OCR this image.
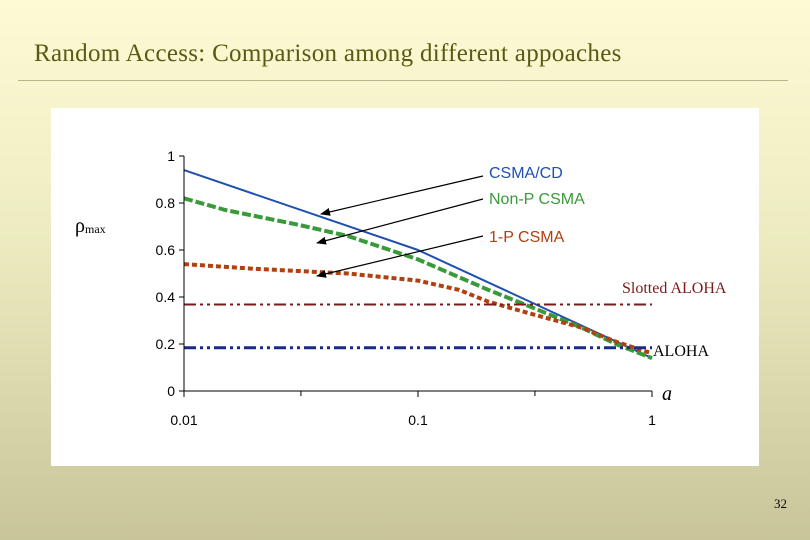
Random Access: Comparison among different appoaches
0
0.2
0.4
0.6
0.8
1
0.01	0.1	1
ρmax
a
CSMA/CD
Non-P CSMA
1-P CSMA
Slotted ALOHA
ALOHA
32
